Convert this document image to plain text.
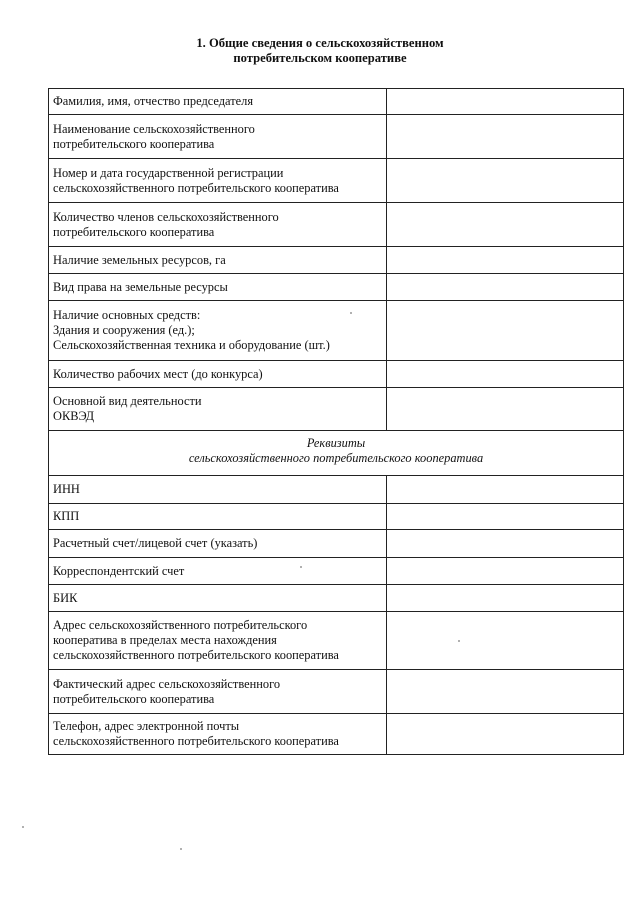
1. Общие сведения о сельскохозяйственном
потребительском кооперативе
Фамилия, имя, отчество председателя	

Наименование сельскохозяйственного
потребительского кооператива	

Номер и дата государственной регистрации
сельскохозяйственного потребительского кооператива	

Количество членов сельскохозяйственного
потребительского кооператива	

Наличие земельных ресурсов, га	

Вид права на земельные ресурсы	

Наличие основных средств:
Здания и сооружения (ед.);
Сельскохозяйственная техника и оборудование (шт.)	

Количество рабочих мест (до конкурса)	

Основной вид деятельности
ОКВЭД	

Реквизиты
сельскохозяйственного потребительского кооператива	

ИНН	

КПП	

Расчетный счет/лицевой счет (указать)	

Корреспондентский счет	

БИК	

Адрес сельскохозяйственного потребительского
кооператива в пределах места нахождения
сельскохозяйственного потребительского кооператива	

Фактический адрес сельскохозяйственного
потребительского кооператива	

Телефон, адрес электронной почты
сельскохозяйственного потребительского кооператива	
